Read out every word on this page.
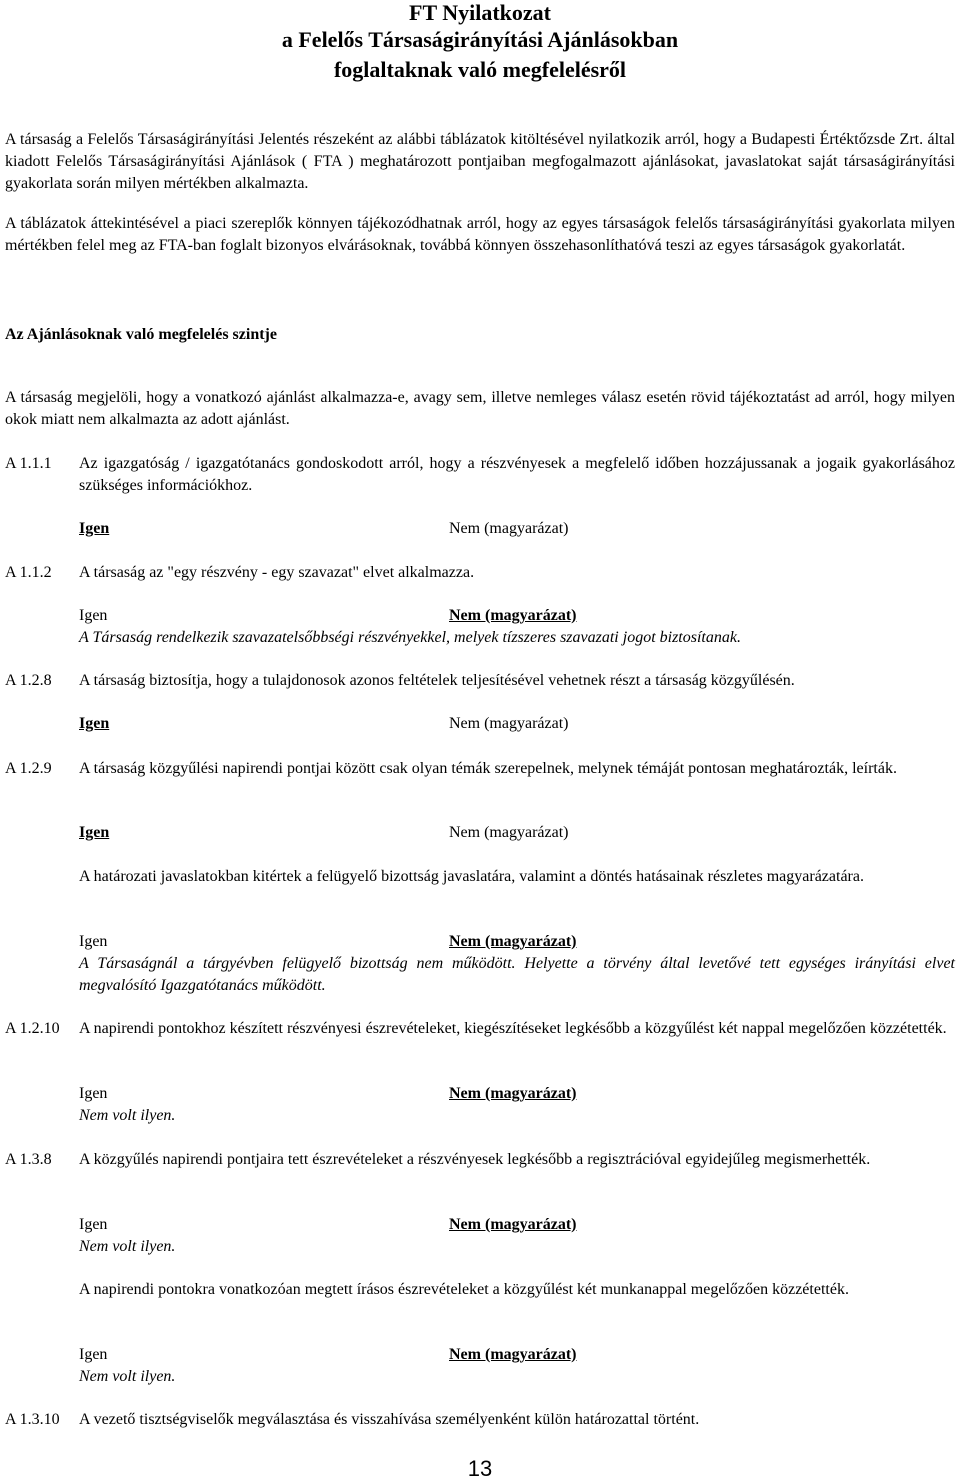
FT Nyilatkozat
a Felelős Társaságirányítási Ajánlásokban
foglaltaknak való megfelelésről
A társaság a Felelős Társaságirányítási Jelentés részeként az alábbi táblázatok kitöltésével nyilatkozik arról, hogy a Budapesti Értéktőzsde Zrt. által kiadott Felelős Társaságirányítási Ajánlások ( FTA ) meghatározott pontjaiban megfogalmazott ajánlásokat, javaslatokat saját társaságirányítási gyakorlata során milyen mértékben alkalmazta.
A táblázatok áttekintésével a piaci szereplők könnyen tájékozódhatnak arról, hogy az egyes társaságok felelős társaságirányítási gyakorlata milyen mértékben felel meg az FTA-ban foglalt bizonyos elvárásoknak, továbbá könnyen összehasonlíthatóvá teszi az egyes társaságok gyakorlatát.
Az Ajánlásoknak való megfelelés szintje
A társaság megjelöli, hogy a vonatkozó ajánlást alkalmazza-e, avagy sem, illetve nemleges válasz esetén rövid tájékoztatást ad arról, hogy milyen okok miatt nem alkalmazta az adott ajánlást.
A 1.1.1 Az igazgatóság / igazgatótanács gondoskodott arról, hogy a részvényesek a megfelelő időben hozzájussanak a jogaik gyakorlásához szükséges információkhoz.
Igen	Nem (magyarázat)
A 1.1.2 A társaság az "egy részvény - egy szavazat" elvet alkalmazza.
Igen	Nem (magyarázat)
A Társaság rendelkezik szavazatelsőbbségi részvényekkel, melyek tízszeres szavazati jogot biztosítanak.
A 1.2.8 A társaság biztosítja, hogy a tulajdonosok azonos feltételek teljesítésével vehetnek részt a társaság közgyűlésén.
Igen	Nem (magyarázat)
A 1.2.9 A társaság közgyűlési napirendi pontjai között csak olyan témák szerepelnek, melynek témáját pontosan meghatározták, leírták.
Igen	Nem (magyarázat)
A határozati javaslatokban kitértek a felügyelő bizottság javaslatára, valamint a döntés hatásainak részletes magyarázatára.
Igen	Nem (magyarázat)
A Társaságnál a tárgyévben felügyelő bizottság nem működött. Helyette a törvény által levetővé tett egységes irányítási elvet megvalósító Igazgatótanács működött.
A 1.2.10 A napirendi pontokhoz készített részvényesi észrevételeket, kiegészítéseket legkésőbb a közgyűlést két nappal megelőzően közzétették.
Igen	Nem (magyarázat)
Nem volt ilyen.
A 1.3.8 A közgyűlés napirendi pontjaira tett észrevételeket a részvényesek legkésőbb a regisztrációval egyidejűleg megismerhették.
Igen	Nem (magyarázat)
Nem volt ilyen.
A napirendi pontokra vonatkozóan megtett írásos észrevételeket a közgyűlést két munkanappal megelőzően közzétették.
Igen	Nem (magyarázat)
Nem volt ilyen.
A 1.3.10 A vezető tisztségviselők megválasztása és visszahívása személyenként külön határozattal történt.
13
